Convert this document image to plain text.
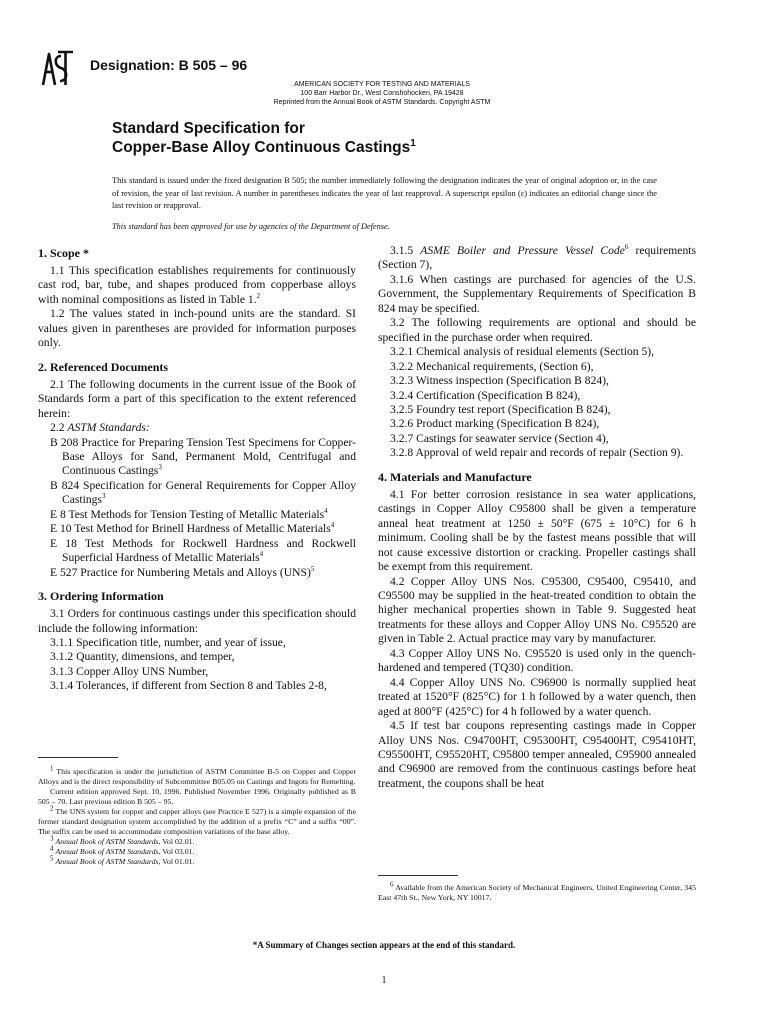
Designation: B 505 – 96
AMERICAN SOCIETY FOR TESTING AND MATERIALS
100 Barr Harbor Dr., West Conshohocken, PA 19428
Reprinted from the Annual Book of ASTM Standards. Copyright ASTM
Standard Specification for
Copper-Base Alloy Continuous Castings$^1$

This standard is issued under the fixed designation B 505; the number immediately following the designation indicates the year of original adoption or, in the case of revision, the year of last revision. A number in parentheses indicates the year of last reapproval. A superscript epsilon (ε) indicates an editorial change since the last revision or reapproval.

This standard has been approved for use by agencies of the Department of Defense.

1. Scope *

1.1 This specification establishes requirements for continuously cast rod, bar, tube, and shapes produced from copperbase alloys with nominal compositions as listed in Table 1.$^2$

1.2 The values stated in inch-pound units are the standard. SI values given in parentheses are provided for information purposes only.

2. Referenced Documents

2.1 The following documents in the current issue of the Book of Standards form a part of this specification to the extent referenced herein:

2.2 ASTM Standards:

B 208 Practice for Preparing Tension Test Specimens for Copper-Base Alloys for Sand, Permanent Mold, Centrifugal and Continuous Castings$^3$

B 824 Specification for General Requirements for Copper Alloy Castings$^3$

E 8 Test Methods for Tension Testing of Metallic Materials$^4$

E 10 Test Method for Brinell Hardness of Metallic Materials$^4$

E 18 Test Methods for Rockwell Hardness and Rockwell Superficial Hardness of Metallic Materials$^4$

E 527 Practice for Numbering Metals and Alloys (UNS)$^5$

3. Ordering Information

3.1 Orders for continuous castings under this specification should include the following information:

3.1.1 Specification title, number, and year of issue,

3.1.2 Quantity, dimensions, and temper,

3.1.3 Copper Alloy UNS Number,

3.1.4 Tolerances, if different from Section 8 and Tables 2-8,

$^1$ This specification is under the jurisdiction of ASTM Committee B-5 on Copper and Copper Alloys and is the direct responsibility of Subcommittee B05.05 on Castings and Ingots for Remelting.

Current edition approved Sept. 10, 1996. Published November 1996. Originally published as B 505 – 70. Last previous edition B 505 – 95.

$^2$ The UNS system for copper and copper alloys (see Practice E 527) is a simple expansion of the former standard designation system accomplished by the addition of a prefix “C” and a suffix “00”. The suffix can be used to accommodate composition variations of the base alloy.

$^3$ Annual Book of ASTM Standards, Vol 02.01.

$^4$ Annual Book of ASTM Standards, Vol 03.01.

$^5$ Annual Book of ASTM Standards, Vol 01.01.

3.1.5 ASME Boiler and Pressure Vessel Code$^6$ requirements (Section 7),

3.1.6 When castings are purchased for agencies of the U.S. Government, the Supplementary Requirements of Specification B 824 may be specified.

3.2 The following requirements are optional and should be specified in the purchase order when required.

3.2.1 Chemical analysis of residual elements (Section 5),

3.2.2 Mechanical requirements, (Section 6),

3.2.3 Witness inspection (Specification B 824),

3.2.4 Certification (Specification B 824),

3.2.5 Foundry test report (Specification B 824),

3.2.6 Product marking (Specification B 824),

3.2.7 Castings for seawater service (Section 4),

3.2.8 Approval of weld repair and records of repair (Section 9).

4. Materials and Manufacture

4.1 For better corrosion resistance in sea water applications, castings in Copper Alloy C95800 shall be given a temperature anneal heat treatment at 1250 ± 50°F (675 ± 10°C) for 6 h minimum. Cooling shall be by the fastest means possible that will not cause excessive distortion or cracking. Propeller castings shall be exempt from this requirement.

4.2 Copper Alloy UNS Nos. C95300, C95400, C95410, and C95500 may be supplied in the heat-treated condition to obtain the higher mechanical properties shown in Table 9. Suggested heat treatments for these alloys and Copper Alloy UNS No. C95520 are given in Table 2. Actual practice may vary by manufacturer.

4.3 Copper Alloy UNS No. C95520 is used only in the quench-hardened and tempered (TQ30) condition.

4.4 Copper Alloy UNS No. C96900 is normally supplied heat treated at 1520°F (825°C) for 1 h followed by a water quench, then aged at 800°F (425°C) for 4 h followed by a water quench.

4.5 If test bar coupons representing castings made in Copper Alloy UNS Nos. C94700HT, C95300HT, C95400HT, C95410HT, C95500HT, C95520HT, C95800 temper annealed, C95900 annealed and C96900 are removed from the continuous castings before heat treatment, the coupons shall be heat

$^6$ Available from the American Society of Mechanical Engineers, United Engineering Center, 345 East 47th St., New York, NY 10017.

*A Summary of Changes section appears at the end of this standard.
1
